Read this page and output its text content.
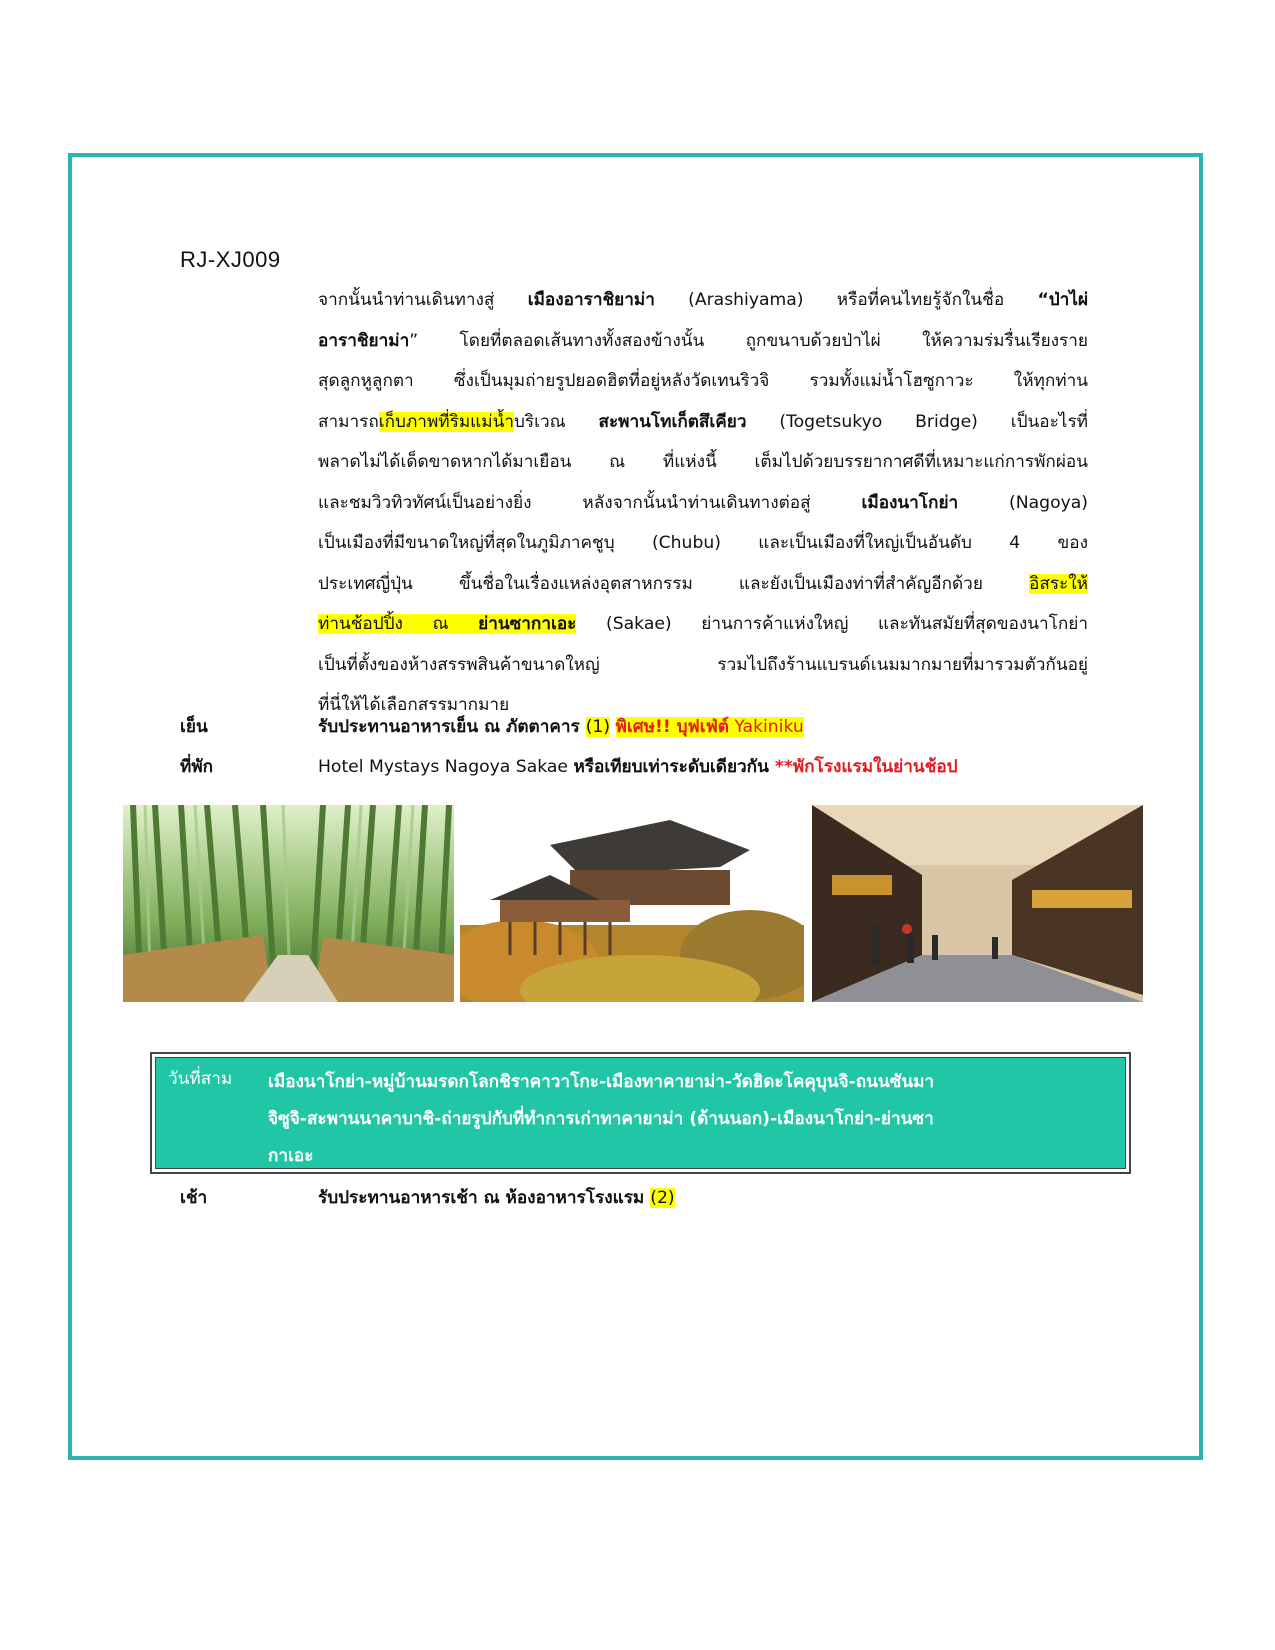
RJ-XJ009
จากนั้นนำท่านเดินทางสู่ เมืองอาราชิยาม่า (Arashiyama) หรือที่คนไทยรู้จักในชื่อ “ป่าไผ่
อาราชิยาม่า” โดยที่ตลอดเส้นทางทั้งสองข้างนั้น ถูกขนาบด้วยป่าไผ่ ให้ความร่มรื่นเรียงราย
สุดลูกหูลูกตา ซึ่งเป็นมุมถ่ายรูปยอดฮิตที่อยู่หลังวัดเทนริวจิ รวมทั้งแม่น้ำโฮซูกาวะ ให้ทุกท่าน
สามารถเก็บภาพที่ริมแม่น้ำบริเวณ สะพานโทเก็ตสึเคียว (Togetsukyo Bridge) เป็นอะไรที่
พลาดไม่ได้เด็ดขาดหากได้มาเยือน ณ ที่แห่งนี้ เต็มไปด้วยบรรยากาศดีที่เหมาะแก่การพักผ่อน
และชมวิวทิวทัศน์เป็นอย่างยิ่ง หลังจากนั้นนำท่านเดินทางต่อสู่ เมืองนาโกย่า (Nagoya)
เป็นเมืองที่มีขนาดใหญ่ที่สุดในภูมิภาคชูบุ (Chubu) และเป็นเมืองที่ใหญ่เป็นอันดับ 4 ของ
ประเทศญี่ปุ่น ขึ้นชื่อในเรื่องแหล่งอุตสาหกรรม และยังเป็นเมืองท่าที่สำคัญอีกด้วย อิสระให้
ท่านช้อปปิ้ง ณ ย่านซากาเอะ (Sakae) ย่านการค้าแห่งใหญ่ และทันสมัยที่สุดของนาโกย่า
เป็นที่ตั้งของห้างสรรพสินค้าขนาดใหญ่ รวมไปถึงร้านแบรนด์เนมมากมายที่มารวมตัวกันอยู่
ที่นี่ให้ได้เลือกสรรมากมาย
เย็น	รับประทานอาหารเย็น ณ ภัตตาคาร (1) พิเศษ!! บุฟเฟ่ต์ Yakiniku
ที่พัก	Hotel Mystays Nagoya Sakae หรือเทียบเท่าระดับเดียวกัน **พักโรงแรมในย่านช้อป
วันที่สาม เมืองนาโกย่า-หมู่บ้านมรดกโลกชิราคาวาโกะ-เมืองทาคายาม่า-วัดฮิดะโคคุบุนจิ-ถนนซันมา
จิซูจิ-สะพานนาคาบาชิ-ถ่ายรูปกับที่ทำการเก่าทาคายาม่า (ด้านนอก)-เมืองนาโกย่า-ย่านซา
กาเอะ
เช้า	รับประทานอาหารเช้า ณ ห้องอาหารโรงแรม (2)
